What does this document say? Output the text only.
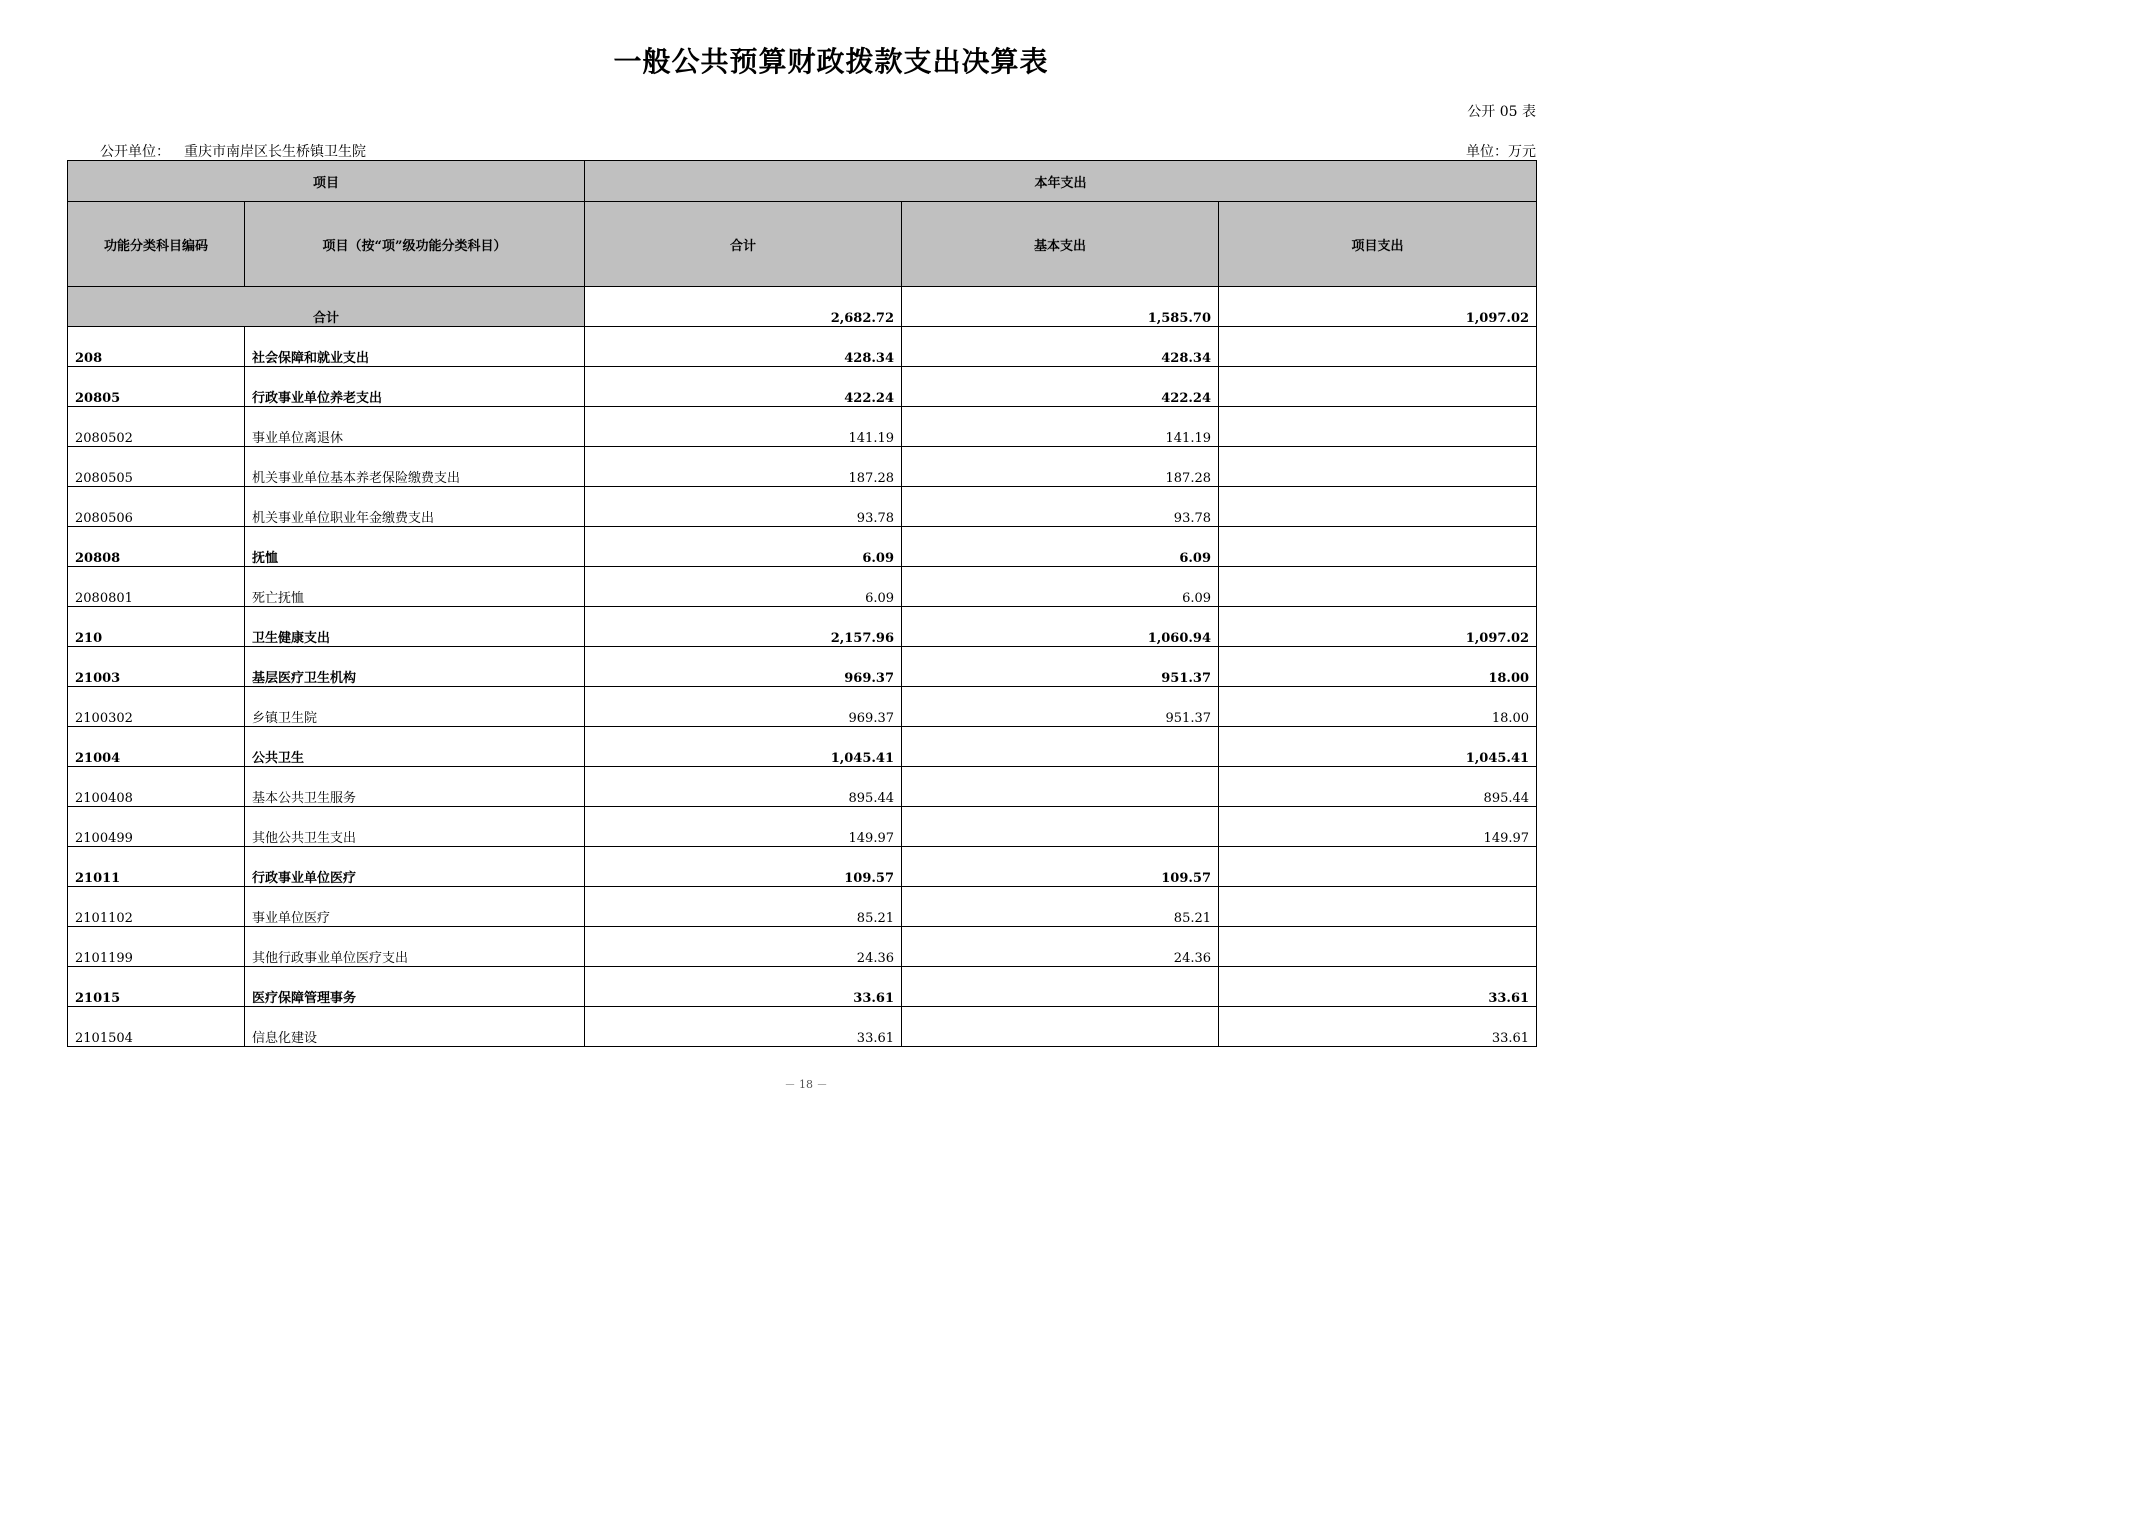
一般公共预算财政拨款支出决算表
公开 05 表
公开单位： 重庆市南岸区长生桥镇卫生院	单位：万元
项目		本年支出		
功能分类科目编码	项目（按“项”级功能分类科目）	合计	基本支出	项目支出
合计		2,682.72	1,585.70	1,097.02
208	社会保障和就业支出	428.34	428.34	
20805	行政事业单位养老支出	422.24	422.24	
2080502	事业单位离退休	141.19	141.19	
2080505	机关事业单位基本养老保险缴费支出	187.28	187.28	
2080506	机关事业单位职业年金缴费支出	93.78	93.78	
20808	抚恤	6.09	6.09	
2080801	死亡抚恤	6.09	6.09	
210	卫生健康支出	2,157.96	1,060.94	1,097.02
21003	基层医疗卫生机构	969.37	951.37	18.00
2100302	乡镇卫生院	969.37	951.37	18.00
21004	公共卫生	1,045.41		1,045.41
2100408	基本公共卫生服务	895.44		895.44
2100499	其他公共卫生支出	149.97		149.97
21011	行政事业单位医疗	109.57	109.57	
2101102	事业单位医疗	85.21	85.21	
2101199	其他行政事业单位医疗支出	24.36	24.36	
21015	医疗保障管理事务	33.61		33.61
2101504	信息化建设	33.61		33.61
－ 18 －
